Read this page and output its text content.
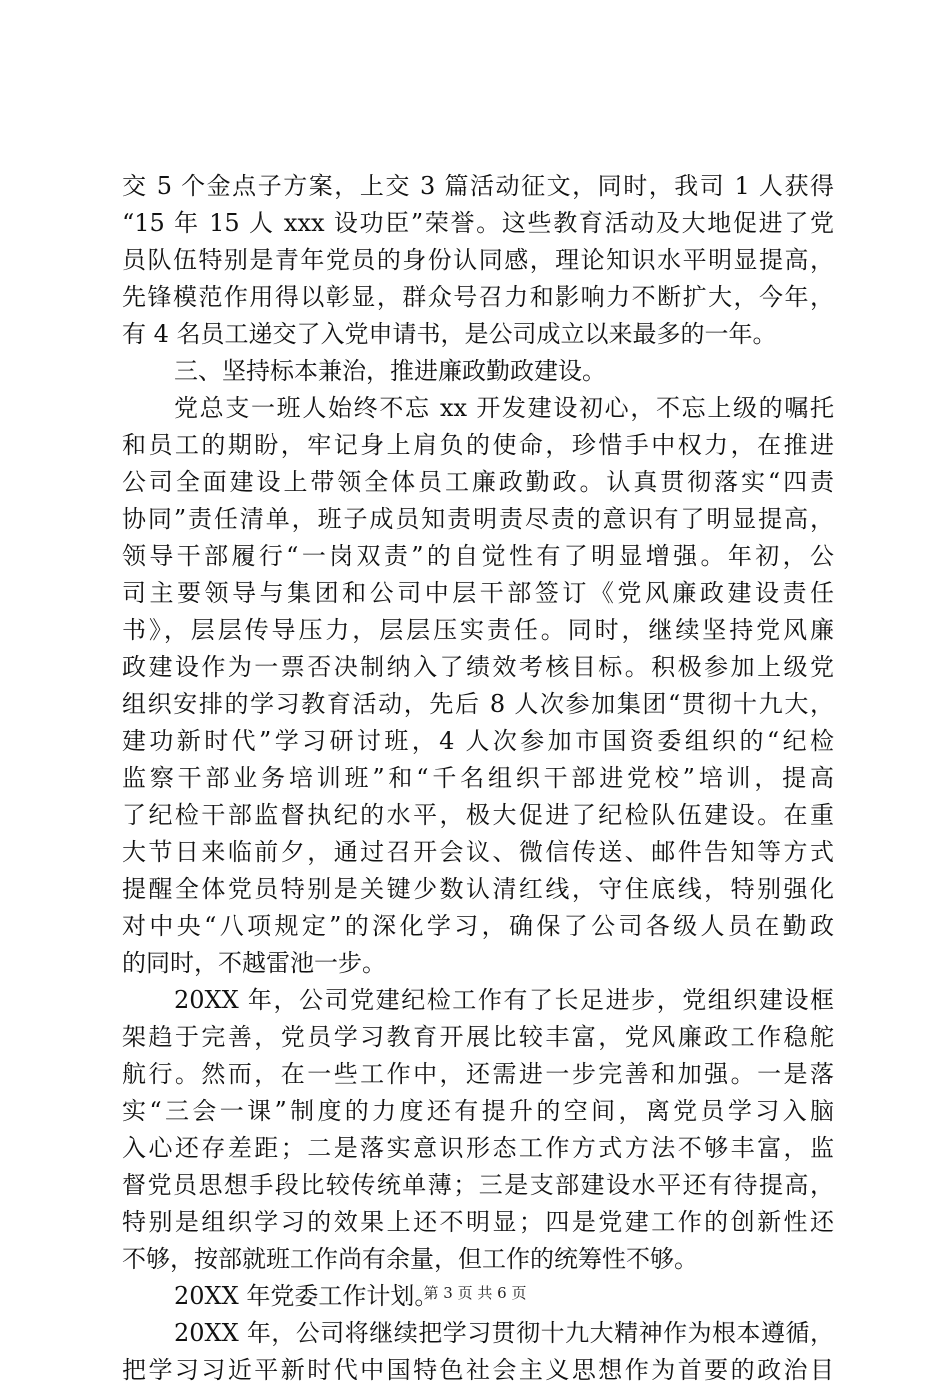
交 5 个金点子方案，上交 3 篇活动征文，同时，我司 1 人获得
“15 年 15 人 xxx 设功臣”荣誉。这些教育活动及大地促进了党
员队伍特别是青年党员的身份认同感，理论知识水平明显提高，
先锋模范作用得以彰显，群众号召力和影响力不断扩大，今年，
有 4 名员工递交了入党申请书，是公司成立以来最多的一年。
三、坚持标本兼治，推进廉政勤政建设。
党总支一班人始终不忘 xx 开发建设初心，不忘上级的嘱托
和员工的期盼，牢记身上肩负的使命，珍惜手中权力，在推进
公司全面建设上带领全体员工廉政勤政。认真贯彻落实“四责
协同”责任清单，班子成员知责明责尽责的意识有了明显提高，
领导干部履行“一岗双责”的自觉性有了明显增强。年初，公
司主要领导与集团和公司中层干部签订《党风廉政建设责任
书》，层层传导压力，层层压实责任。同时，继续坚持党风廉
政建设作为一票否决制纳入了绩效考核目标。积极参加上级党
组织安排的学习教育活动，先后 8 人次参加集团“贯彻十九大，
建功新时代”学习研讨班，4 人次参加市国资委组织的“纪检
监察干部业务培训班”和“千名组织干部进党校”培训，提高
了纪检干部监督执纪的水平，极大促进了纪检队伍建设。在重
大节日来临前夕，通过召开会议、微信传送、邮件告知等方式
提醒全体党员特别是关键少数认清红线，守住底线，特别强化
对中央“八项规定”的深化学习，确保了公司各级人员在勤政
的同时，不越雷池一步。
20XX 年，公司党建纪检工作有了长足进步，党组织建设框
架趋于完善，党员学习教育开展比较丰富，党风廉政工作稳舵
航行。然而，在一些工作中，还需进一步完善和加强。一是落
实“三会一课”制度的力度还有提升的空间，离党员学习入脑
入心还存差距；二是落实意识形态工作方式方法不够丰富，监
督党员思想手段比较传统单薄；三是支部建设水平还有待提高，
特别是组织学习的效果上还不明显；四是党建工作的创新性还
不够，按部就班工作尚有余量，但工作的统筹性不够。
20XX 年党委工作计划。
20XX 年，公司将继续把学习贯彻十九大精神作为根本遵循，
把学习习近平新时代中国特色社会主义思想作为首要的政治目
第 3 页 共 6 页
